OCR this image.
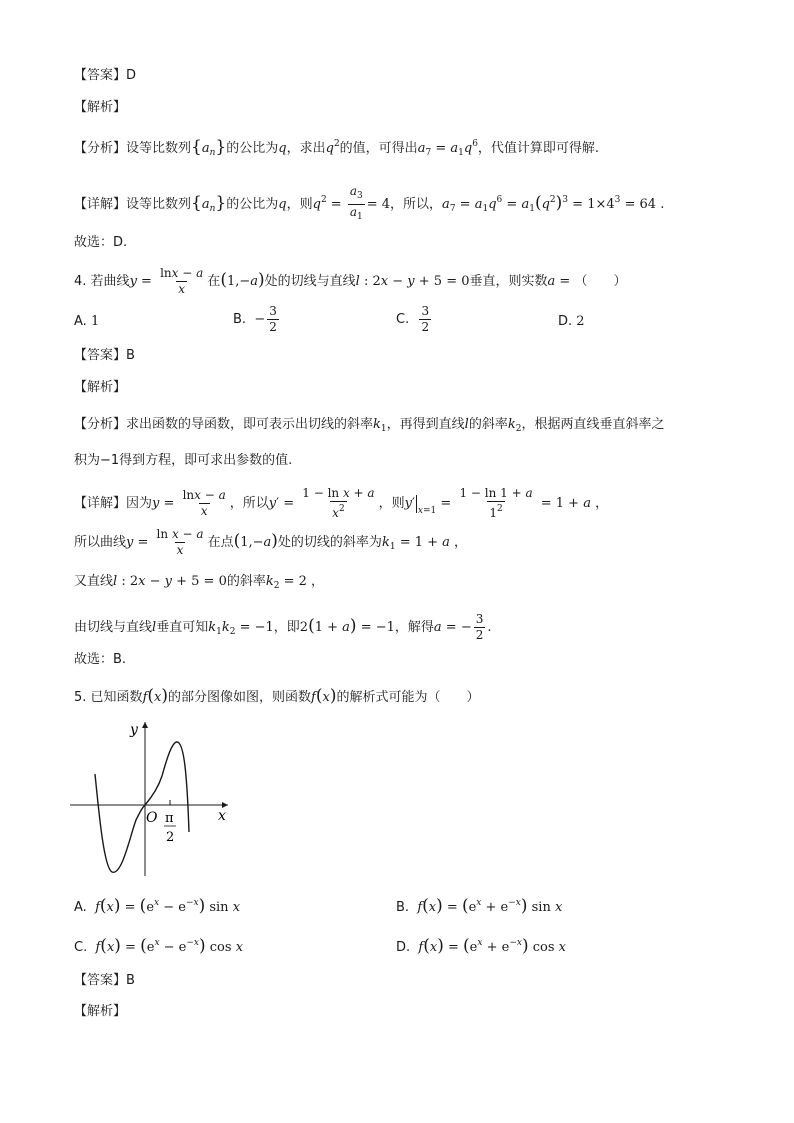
【答案】D
【解析】
【分析】设等比数列$\{a_n\}$的公比为q，求出$q^2$的值，可得出$a_7 = a_1q^6$，代值计算即可得解.
【详解】设等比数列$\{a_n\}$的公比为q，则$q^2 = \frac{a_3}{a_1} = 4$，所以，$a_7 = a_1q^6 = a_1(q^2)^3 = 1\times 4^3 = 64$ .
故选：D.
4. 若曲线$y = \frac{\ln x - a}{x}$ 在(1,−a)处的切线与直线l : 2x − y + 5 = 0垂直，则实数a = （　　）
A. 1	B. − $\frac{3}{2}$	C. $\frac{3}{2}$	D. 2
【答案】B
【解析】
【分析】求出函数的导函数，即可表示出切线的斜率$k_1$，再得到直线l的斜率$k_2$，根据两直线垂直斜率之
积为−1得到方程，即可求出参数的值.
【详解】因为$y = \frac{\ln x - a}{x}$ ，所以$y' = \frac{\text{1 − ln x + a}}{x^2}$ ，则y′ $_{x=1} = \frac{1 - \ln 1 + a}{1^2} = 1 + a$ ，
所以曲线$y = \frac{\text{ln x − a}}{x}$ 在点(1,−a)处的切线的斜率为$k_1 = 1 + a$ ，
又直线l : 2x − y + 5 = 0的斜率$k_2 = 2$ ，
由切线与直线l垂直可知$k_1k_2 = -1$，即2(1 + a) = −1，解得a = − $\frac{3}{2}$ .
故选：B.
5. 已知函数f(x)的部分图像如图，则函数f(x)的解析式可能为（　　）
y
x
O π
2
A. $f(x) = (e^x - e^{-x})$ sin x	B. $f(x) = (e^x + e^{-x})$ sin x
C. $f(x) = (e^x - e^{-x})$ cos x	D. $f(x) = (e^x + e^{-x})$ cos x
【答案】B
【解析】
